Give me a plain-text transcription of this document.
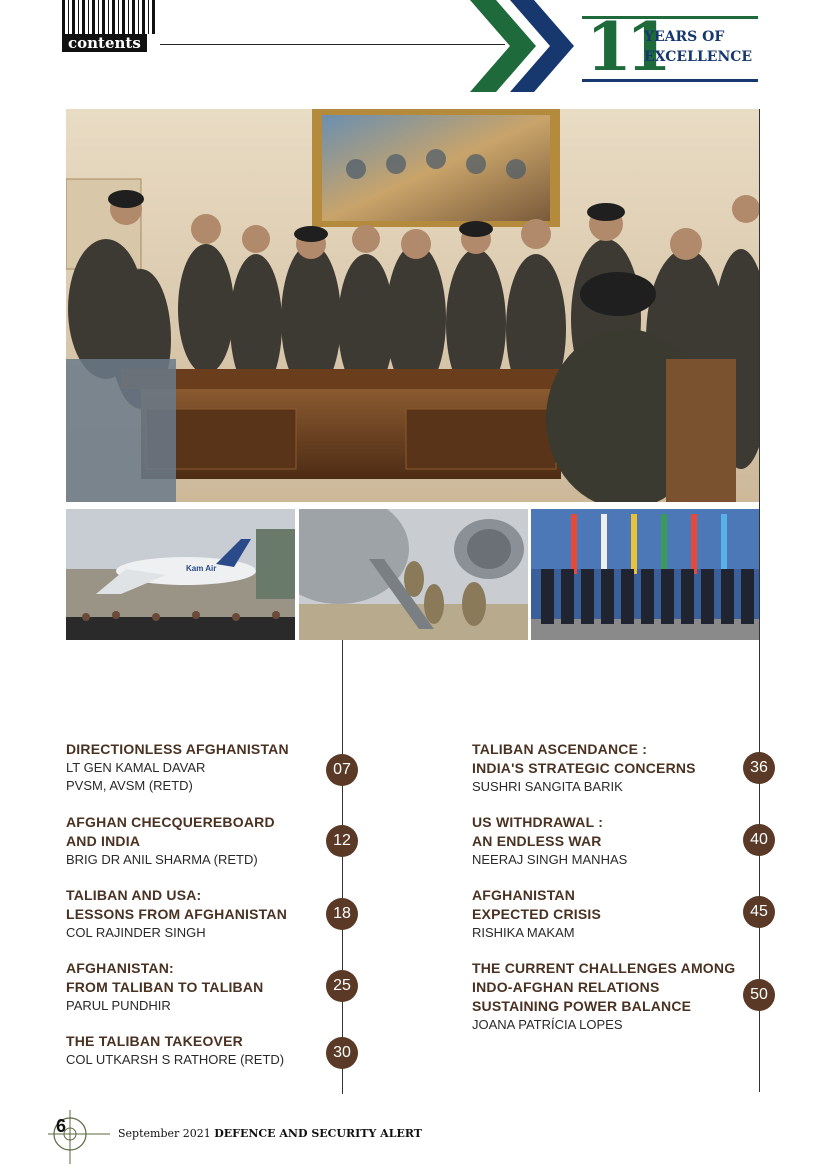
contents	11
YEARS OF
EXCELLENCE
Kam Air
DIRECTIONLESS AFGHANISTAN
LT GEN KAMAL DAVAR
PVSM, AVSM (RETD)
07
AFGHAN CHECQUEREBOARD
AND INDIA
BRIG DR ANIL SHARMA (RETD)
12
TALIBAN AND USA:
LESSONS FROM AFGHANISTAN
COL RAJINDER SINGH
18
AFGHANISTAN:
FROM TALIBAN TO TALIBAN
PARUL PUNDHIR
25
THE TALIBAN TAKEOVER
COL UTKARSH S RATHORE (RETD)	30
TALIBAN ASCENDANCE :
INDIA'S STRATEGIC CONCERNS
SUSHRI SANGITA BARIK
36
US WITHDRAWAL :
AN ENDLESS WAR
NEERAJ SINGH MANHAS
40
AFGHANISTAN
EXPECTED CRISIS
RISHIKA MAKAM
45
THE CURRENT CHALLENGES AMONG
INDO-AFGHAN RELATIONS
SUSTAINING POWER BALANCE
JOANA PATRÍCIA LOPES
50
6	September 2021 DEFENCE AND SECURITY ALERT
